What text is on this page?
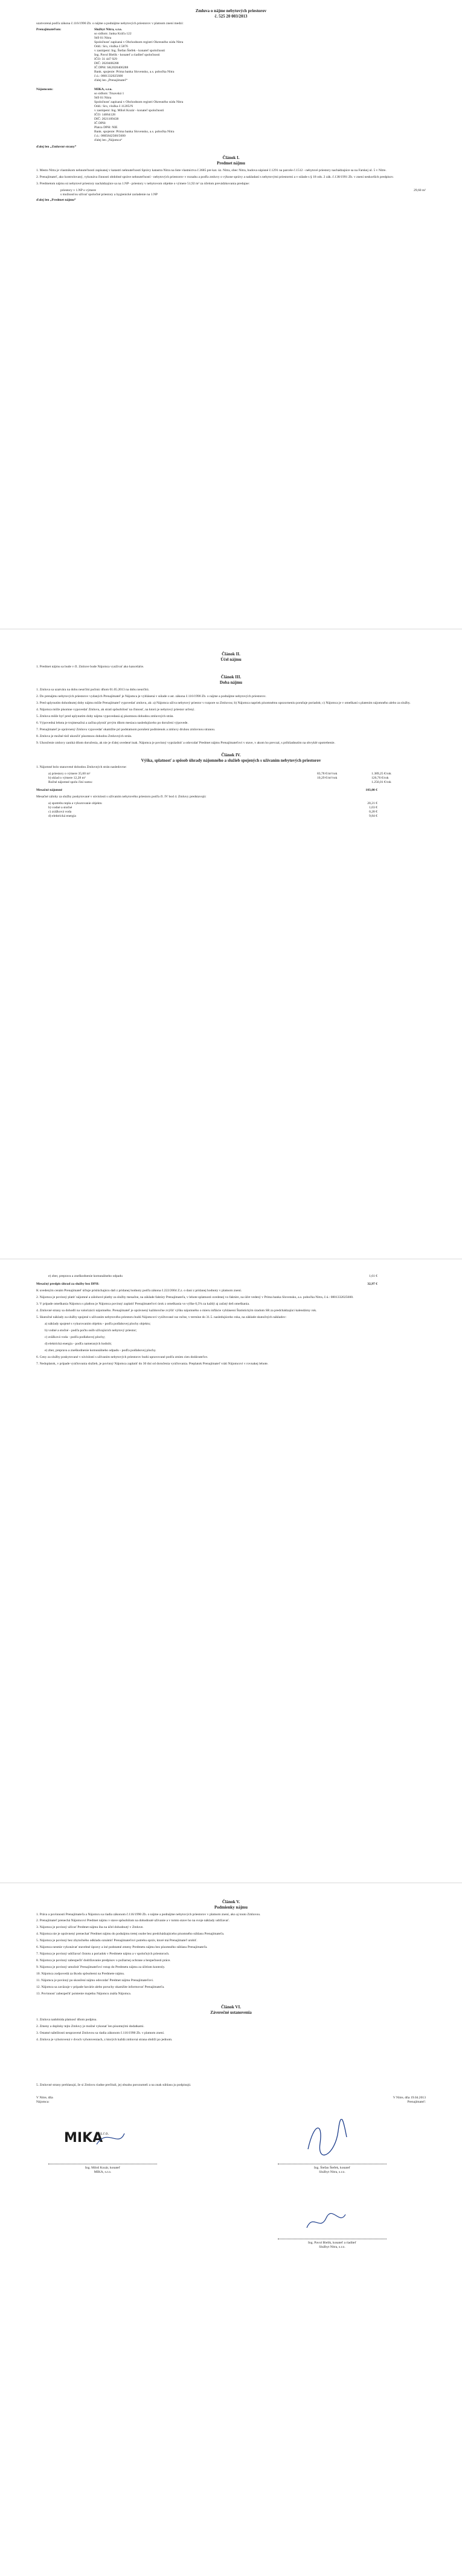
Zmluva o nájme nebytových priestorov
č. 525 20 003/2013
uzatvorená podľa zákona č.116/1990 Zb. o nájme a podnájme nebytových priestorov v platnom znení medzi:
Prenajímateľom:	Službyt Nitra, s.r.o.
so sídlom: Janka Kráľa 122
949 01 Nitra
Spoločnosť zapísaná v Obchodnom registri Okresného súdu Nitra
Odd.: Sro, vložka č.5876
v zastúpení: Ing. Štefan Štefek - konateľ spoločnosti
Ing. Pavol Bielik - konateľ a riaditeľ spoločnosti
IČO: 31 447 929
DIČ: 2020406288
IČ DPH: SK2020406288
Bank. spojenie: Prima banka Slovensko, a.s. pobočka Nitra
č.ú.: 0801332025600
ďalej len „Prenajímateľ“
Nájomcom:	MIKA, s.r.o.
so sídlom: Trnavská 1
949 01 Nitra
Spoločnosť zapísaná v Obchodnom registri Okresného súdu Nitra
Odd.: Sro, vložka č.11205/N
v zastúpení: Ing. Miloš Kozár - konateľ spoločnosti
IČO: 14064128
DIČ: 2021109438
IČ DPH:
Platca DPH: NIE
Bank. spojenie: Prima banka Slovensko, a.s. pobočka Nitra
č.ú.: 0805842500/5600
ďalej len „Nájomca“
ďalej len „Zmluvné strany“
Článok I.
Predmet nájmu
1. Mesto Nitra je vlastníkom nehnuteľnosti zapísanej v katastri nehnuteľností Správy katastra Nitra na liste vlastníctva č.3685 pre kat. úz. Nitra, obec Nitra, budova súpisné č.1291 na parcele č.1512 - nebytové priestory nachádzajúce sa na Farskej ul. 5 v Nitre.
2. Prenajímateľ, ako kontrolovaný, vykonáva činnosti obdobné správe nehnuteľností - nebytových priestorov v rozsahu a podľa zmluvy o výkone správy a nakladaní s nebytovými priestormi a v súlade s § 18 ods. 2 zák. č.138/1991 Zb. v znení neskorších predpisov.
3. Predmetom nájmu sú nebytové priestory nachádzajúce sa na 1.NP - priestory v nebytovom objekte o výmere 51,92 m² za účelom prevádzkovania predajne:
priestory v 1.NP o výmere	29,60 m²
s možnosťou užívať spoločné priestory a hygienické zariadenie na 1.NP
ďalej len „Predmet nájmu“
Článok II.
Účel nájmu
1. Predmet nájmu sa bude v čl. Zmluve bude Nájomca využívať ako kancelárie.
Článok III.
Doba nájmu
1. Zmluva sa uzatvára na dobu neurčitú počnúc dňom 01.05.2013 na dobu neurčitú.
2. Do prenájmu nebytových priestorov vydaných Prenajímateľ je Nájomca je vyhlásená v súlade s ust. zákona č.116/1990 Zb. o nájme a podnájme nebytových priestorov.
3. Pred uplynutím dohodnutej doby nájmu môže Prenajímateľ vypovedať zmluvu, ak: a) Nájomca užíva nebytový priestor v rozpore so Zmluvou; b) Nájomca napriek písomnému upozorneniu porušuje poriadok; c) Nájomca je v omeškaní s platením nájomného alebo za služby.
4. Nájomca môže písomne vypovedať Zmluvu, ak stratí spôsobilosť na činnosť, na ktorú je nebytový priestor určený.
5. Zmluva môže byť pred uplynutím doby nájmu vypovedaná aj písomnou dohodou zmluvných strán.
6. Výpovedná lehota je trojmesačná a začína plynúť prvým dňom mesiaca nasledujúceho po doručení výpovede.
7. Prenajímateľ je oprávnený Zmluvu vypovedať okamžite pri podstatnom porušení podmienok a zmluvy druhou zmluvnou stranou.
8. Zmluva je možné tiež ukončiť písomnou dohodou Zmluvných strán.
9. Ukončenie zmluvy zaniká dňom doručenia, ak nie je ďalej uvedené inak. Nájomca je povinný vyprázdniť a odovzdať Predmet nájmu Prenajímateľovi v stave, v akom ho prevzal, s prihliadnutím na obvyklé opotrebenie.
Článok IV.
Výška, splatnosť a spôsob úhrady nájomného a služieb spojených s užívaním nebytových priestorov
1. Nájomné bolo stanovené dohodou Zmluvných strán nasledovne:
a) priestory o výmere 35,60 m²	83,78 €/m²/rok	1.389,25 €/rok
b) sklad o výmere 12,28 m²	10,29 €/m²/rok	126,76 €/rok
Ročné nájomné spolu činí sumu:	1.256,01 €/rok
Mesačné nájomné	103,00 €
Mesačné zálohy za služby poskytované v súvislosti s užívaním nebytového priestoru podľa čl. IV bod 4. Zmluvy predstavujú:
a) spotrebu tepla a vykurovanie objektu	20,21 €
b) vodné a stočné	1,03 €
c) zrážková voda	0,28 €
d) elektrická energia	9,84 €
e) zber, preprava a zneškodnenie komunálneho odpadu	1,61 €
Mesačný predpis úhrad za služby bez DPH:	32,97 €
K uvedeným cenám Prenajímateľ účtuje prislúchajúcu daň z pridanej hodnoty podľa zákona č.222/2004 Z.z. o dani z pridanej hodnoty v platnom znení.
2. Nájomca je povinný platiť nájomné a zálohové platby za služby mesačne, na základe faktúry Prenajímateľa, v lehote splatnosti uvedenej vo faktúre, na účet vedený v Prima banka Slovensko, a.s. pobočka Nitra, č.ú.: 0801332025600.
3. V prípade omeškania Nájomcu s platbou je Nájomca povinný zaplatiť Prenajímateľovi úrok z omeškania vo výške 0,5% za každý aj začatý deň omeškania.
4. Zmluvné strany sa dohodli na valorizácii nájomného. Prenajímateľ je oprávnený každoročne zvýšiť výšku nájomného o mieru inflácie vyhlásenú Štatistickým úradom SR za predchádzajúci kalendárny rok.
5. Skutočné náklady za služby spojené s užívaním nebytového priestoru budú Nájomcovi vyúčtované raz ročne, v termíne do 31.5. nasledujúceho roka, na základe skutočných nákladov:
a) náklady spojené s vykurovaním objektu - podľa podlahovej plochy objektu;
b) vodné a stočné - podľa počtu osôb užívajúcich nebytový priestor;
c) zrážková voda - podľa podlahovej plochy;
d) elektrická energia - podľa nameraných hodnôt;
e) zber, preprava a zneškodnenie komunálneho odpadu - podľa podlahovej plochy.
6. Ceny za služby poskytované v súvislosti s užívaním nebytových priestorov budú upravované podľa zmien cien dodávateľov.
7. Nedoplatok, v prípade vyúčtovania služieb, je povinný Nájomca zaplatiť do 30 dní od doručenia vyúčtovania. Preplatok Prenajímateľ vráti Nájomcovi v rovnakej lehote.
Článok V.
Podmienky nájmu
1. Práva a povinnosti Prenajímateľa a Nájomcu sa riadia zákonom č.116/1990 Zb. o nájme a podnájme nebytových priestorov v platnom znení, ako aj touto Zmluvou.
2. Prenajímateľ prenechá Nájomcovi Predmet nájmu v stave spôsobilom na dohodnuté užívanie a v tomto stave ho na svoje náklady udržiavať.
3. Nájomca je povinný užívať Predmet nájmu iba na účel dohodnutý v Zmluve.
4. Nájomca nie je oprávnený prenechať Predmet nájmu do podnájmu tretej osobe bez predchádzajúceho písomného súhlasu Prenajímateľa.
5. Nájomca je povinný bez zbytočného odkladu oznámiť Prenajímateľovi potrebu opráv, ktoré má Prenajímateľ urobiť.
6. Nájomca nesmie vykonávať stavebné úpravy a iné podstatné zmeny Predmetu nájmu bez písomného súhlasu Prenajímateľa.
7. Nájomca je povinný udržiavať čistotu a poriadok v Predmete nájmu a v spoločných priestoroch.
8. Nájomca je povinný zabezpečiť dodržiavanie predpisov o požiarnej ochrane a bezpečnosti práce.
9. Nájomca je povinný umožniť Prenajímateľovi vstup do Predmetu nájmu za účelom kontroly.
10. Nájomca zodpovedá za škodu spôsobenú na Predmete nájmu.
11. Nájomca je povinný po skončení nájmu odovzdať Predmet nájmu Prenajímateľovi.
12. Nájomca sa zaväzuje v prípade havárie alebo poruchy okamžite informovať Prenajímateľa.
13. Povinnosť zabezpečiť poistenie majetku Nájomcu znáša Nájomca.
Článok VI.
Záverečné ustanovenia
1. Zmluva nadobúda platnosť dňom podpisu.
2. Zmeny a doplnky tejto Zmluvy je možné vykonať len písomnými dodatkami.
3. Ostatné náležitosti neupravené Zmluvou sa riadia zákonom č.116/1990 Zb. v platnom znení.
4. Zmluva je vyhotovená v dvoch vyhotoveniach, z ktorých každá zmluvná strana obdrží po jednom.
5. Zmluvné strany prehlasujú, že si Zmluvu riadne prečítali, jej obsahu porozumeli a na znak súhlasu ju podpisujú.
V Nitre, dňa	V Nitre, dňa 19.04.2013
Nájomca:	Prenajímateľ:
MIKA
s.r.o.
Ing. Miloš Kozár, konateľ
MIKA, s.r.o.
Ing. Štefan Štefek, konateľ
Službyt Nitra, s.r.o.
Ing. Pavol Bielik, konateľ a riaditeľ
Službyt Nitra, s.r.o.
